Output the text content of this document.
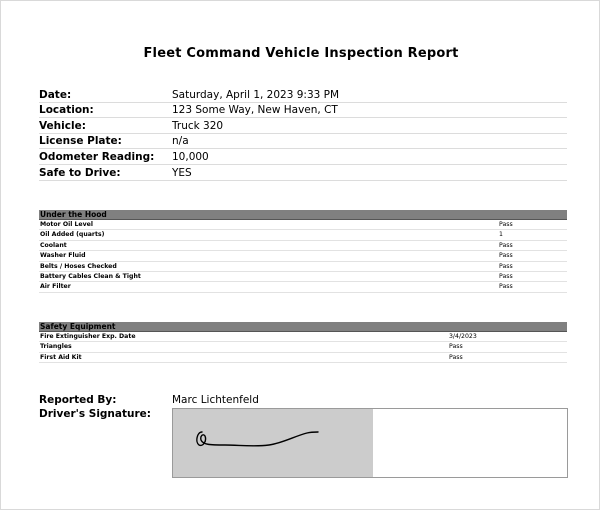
Fleet Command Vehicle Inspection Report
Date:	Saturday, April 1, 2023 9:33 PM
Location:	123 Some Way, New Haven, CT
Vehicle:	Truck 320
License Plate:	n/a
Odometer Reading:	10,000
Safe to Drive:	YES
Under the Hood
Motor Oil Level	Pass
Oil Added (quarts)	1
Coolant	Pass
Washer Fluid	Pass
Belts / Hoses Checked	Pass
Battery Cables Clean & Tight	Pass
Air Filter	Pass
Safety Equipment
Fire Extinguisher Exp. Date	3/4/2023
Triangles	Pass
First Aid Kit	Pass
Reported By:	Marc Lichtenfeld
Driver's Signature:
